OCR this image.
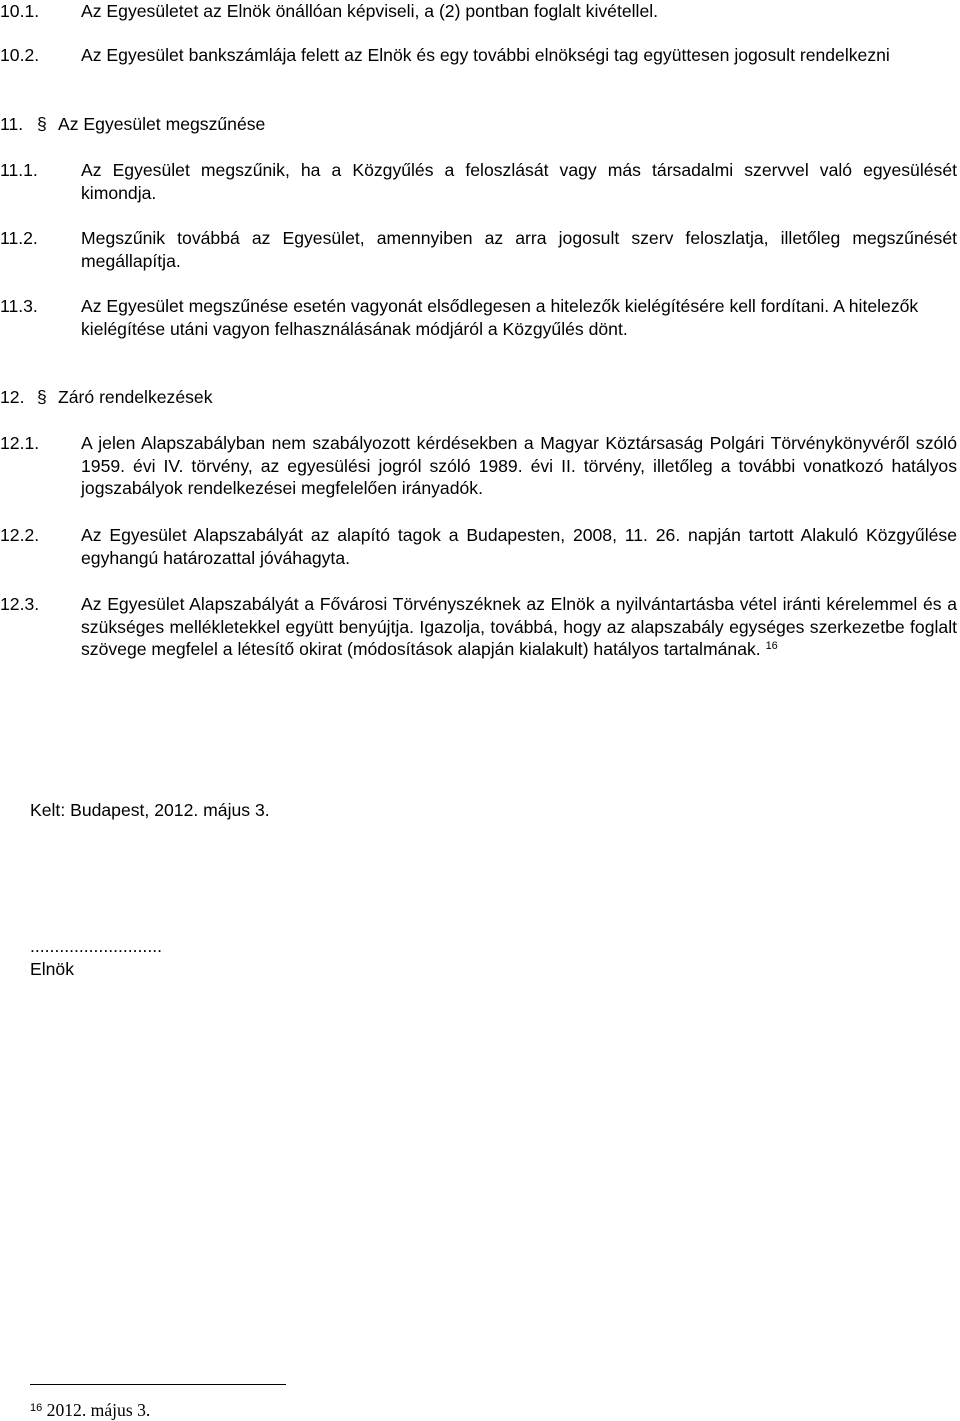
10.1.	Az Egyesületet az Elnök önállóan képviseli, a (2) pontban foglalt kivétellel.
10.2.	Az Egyesület bankszámlája felett az Elnök és egy további elnökségi tag együttesen jogosult rendelkezni
11. § Az Egyesület megszűnése
11.1.	Az Egyesület megszűnik, ha a Közgyűlés a feloszlását vagy más társadalmi szervvel való egyesülését kimondja.
11.2.	Megszűnik továbbá az Egyesület, amennyiben az arra jogosult szerv feloszlatja, illetőleg megszűnését megállapítja.
11.3.	Az Egyesület megszűnése esetén vagyonát elsődlegesen a hitelezők kielégítésére kell fordítani. A hitelezők kielégítése utáni vagyon felhasználásának módjáról a Közgyűlés dönt.
12. § Záró rendelkezések
12.1.	A jelen Alapszabályban nem szabályozott kérdésekben a Magyar Köztársaság Polgári Törvénykönyvéről szóló 1959. évi IV. törvény, az egyesülési jogról szóló 1989. évi II. törvény, illetőleg a további vonatkozó hatályos jogszabályok rendelkezései megfelelően irányadók.
12.2.	Az Egyesület Alapszabályát az alapító tagok a Budapesten, 2008, 11. 26. napján tartott Alakuló Közgyűlése egyhangú határozattal jóváhagyta.
12.3.	Az Egyesület Alapszabályát a Fővárosi Törvényszéknek az Elnök a nyilvántartásba vétel iránti kérelemmel és a szükséges mellékletekkel együtt benyújtja. Igazolja, továbbá, hogy az alapszabály egységes szerkezetbe foglalt szövege megfelel a létesítő okirat (módosítások alapján kialakult) hatályos tartalmának. $^{16}$
Kelt: Budapest, 2012. május 3.
...........................
Elnök
$^{16}$ 2012. május 3.
